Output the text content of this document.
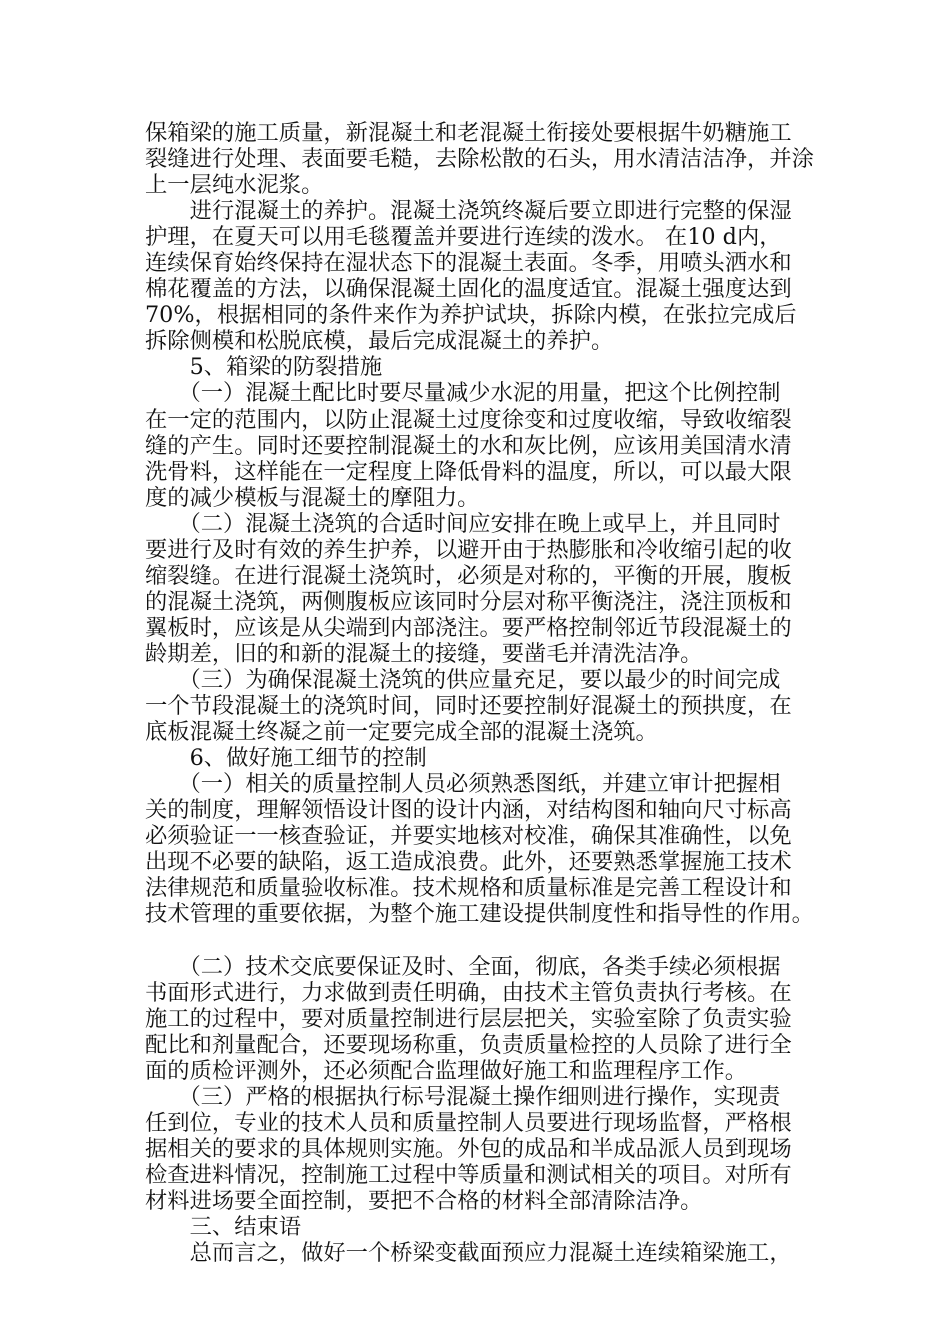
保箱梁的施工质量，新混凝土和老混凝土衔接处要根据牛奶糖施工
裂缝进行处理、表面要毛糙，去除松散的石头，用水清洁洁净，并涂
上一层纯水泥浆。
　　进行混凝土的养护。混凝土浇筑终凝后要立即进行完整的保湿
护理，在夏天可以用毛毯覆盖并要进行连续的泼水。 在10 d内，
连续保育始终保持在湿状态下的混凝土表面。冬季，用喷头洒水和
棉花覆盖的方法，以确保混凝土固化的温度适宜。混凝土强度达到
70%，根据相同的条件来作为养护试块，拆除内模，在张拉完成后
拆除侧模和松脱底模，最后完成混凝土的养护。
　　5、箱梁的防裂措施
　　（一）混凝土配比时要尽量减少水泥的用量，把这个比例控制
在一定的范围内，以防止混凝土过度徐变和过度收缩，导致收缩裂
缝的产生。同时还要控制混凝土的水和灰比例，应该用美国清水清
洗骨料，这样能在一定程度上降低骨料的温度，所以，可以最大限
度的减少模板与混凝土的摩阻力。
　　（二）混凝土浇筑的合适时间应安排在晚上或早上，并且同时
要进行及时有效的养生护养，以避开由于热膨胀和冷收缩引起的收
缩裂缝。在进行混凝土浇筑时，必须是对称的，平衡的开展，腹板
的混凝土浇筑，两侧腹板应该同时分层对称平衡浇注，浇注顶板和
翼板时，应该是从尖端到内部浇注。要严格控制邻近节段混凝土的
龄期差，旧的和新的混凝土的接缝，要凿毛并清洗洁净。
　　（三）为确保混凝土浇筑的供应量充足，要以最少的时间完成
一个节段混凝土的浇筑时间，同时还要控制好混凝土的预拱度，在
底板混凝土终凝之前一定要完成全部的混凝土浇筑。
　　6、做好施工细节的控制
　　（一）相关的质量控制人员必须熟悉图纸，并建立审计把握相
关的制度，理解领悟设计图的设计内涵，对结构图和轴向尺寸标高
必须验证一一核查验证，并要实地核对校准，确保其准确性，以免
出现不必要的缺陷，返工造成浪费。此外，还要熟悉掌握施工技术
法律规范和质量验收标准。技术规格和质量标准是完善工程设计和
技术管理的重要依据，为整个施工建设提供制度性和指导性的作用。
　　（二）技术交底要保证及时、全面，彻底，各类手续必须根据
书面形式进行，力求做到责任明确，由技术主管负责执行考核。在
施工的过程中，要对质量控制进行层层把关，实验室除了负责实验
配比和剂量配合，还要现场称重，负责质量检控的人员除了进行全
面的质检评测外，还必须配合监理做好施工和监理程序工作。
　　（三）严格的根据执行标号混凝土操作细则进行操作，实现责
任到位，专业的技术人员和质量控制人员要进行现场监督，严格根
据相关的要求的具体规则实施。外包的成品和半成品派人员到现场
检查进料情况，控制施工过程中等质量和测试相关的项目。对所有
材料进场要全面控制，要把不合格的材料全部清除洁净。
　　三、结束语
　　总而言之，做好一个桥梁变截面预应力混凝土连续箱梁施工，
